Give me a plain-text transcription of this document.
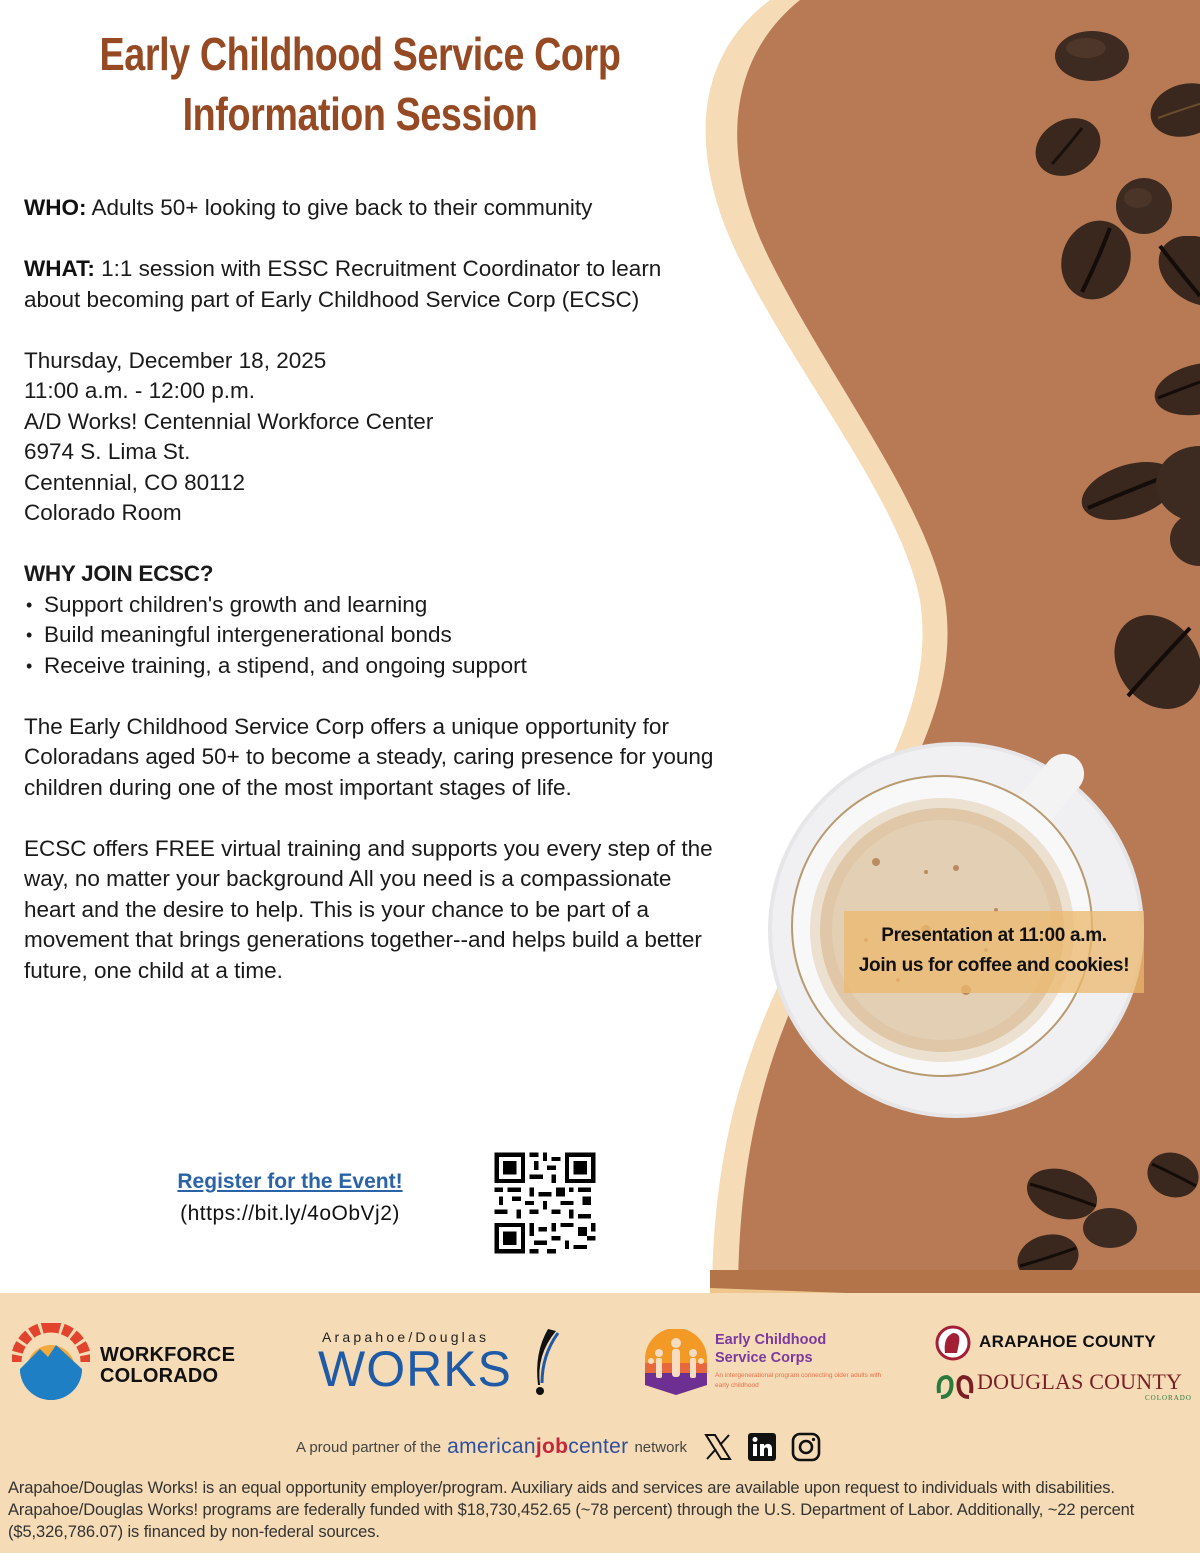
Early Childhood Service Corp
Information Session

WHO: Adults 50+ looking to give back to their community

WHAT: 1:1 session with ESSC Recruitment Coordinator to learn about becoming part of Early Childhood Service Corp (ECSC)

Thursday, December 18, 2025

11:00 a.m. - 12:00 p.m.

A/D Works! Centennial Workforce Center

6974 S. Lima St.

Centennial, CO 80112

Colorado Room

WHY JOIN ECSC?

• Support children's growth and learning
• Build meaningful intergenerational bonds
• Receive training, a stipend, and ongoing support

The Early Childhood Service Corp offers a unique opportunity for Coloradans aged 50+ to become a steady, caring presence for young children during one of the most important stages of life.

ECSC offers FREE virtual training and supports you every step of the way, no matter your background All you need is a compassionate heart and the desire to help. This is your chance to be part of a movement that brings generations together--and helps build a better future, one child at a time.

Register for the Event!
(https://bit.ly/4oObVj2)
Presentation at 11:00 a.m.
Join us for coffee and cookies!
WORKFORCE
COLORADO
Arapahoe/Douglas
WORKS
Early Childhood
Service Corps
An intergenerational program connecting older adults with early childhood
ARAPAHOE COUNTY
DOUGLAS COUNTY
COLORADO
A proud partner of the americanjobcenter network
Arapahoe/Douglas Works! is an equal opportunity employer/program. Auxiliary aids and services are available upon request to individuals with disabilities. Arapahoe/Douglas Works! programs are federally funded with $18,730,452.65 (~78 percent) through the U.S. Department of Labor. Additionally, ~22 percent ($5,326,786.07) is financed by non-federal sources.
